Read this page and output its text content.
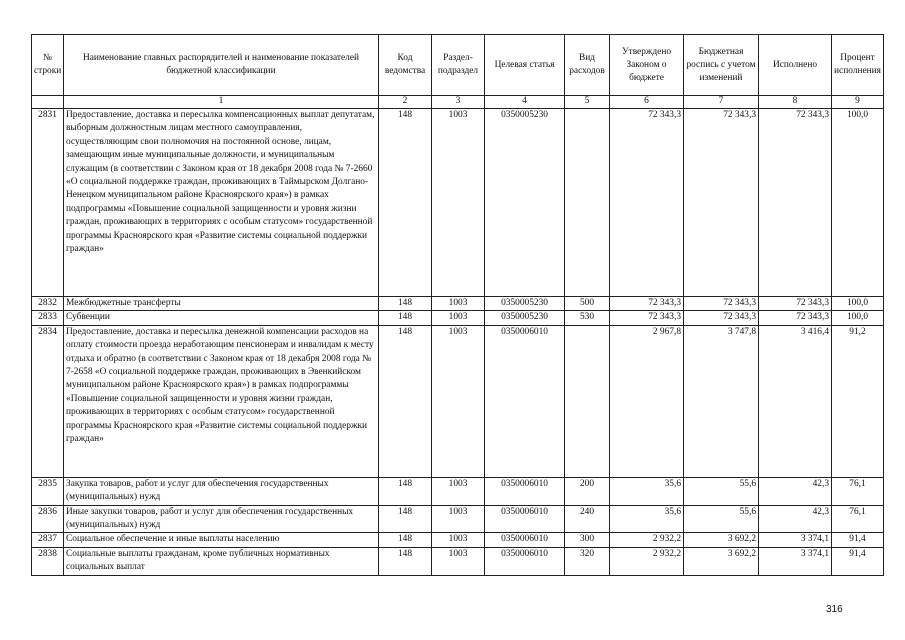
№ строки	Наименование главных распорядителей и наименование показателей бюджетной классификации	Код ведомства	Раздел-подраздел	Целевая статья	Вид расходов	Утверждено Законом о бюджете	Бюджетная роспись с учетом изменений	Исполнено	Процент исполнения
	1	2	3	4	5	6	7	8	9
2831	Предоставление, доставка и пересылка компенсационных выплат депутатам, выборным должностным лицам местного самоуправления, осуществляющим свои полномочия на постоянной основе, лицам, замещающим иные муниципальные должности, и муниципальным служащим (в соответствии с Законом края от 18 декабря 2008 года № 7-2660 «О социальной поддержке граждан, проживающих в Таймырском Долгано-Ненецком муниципальном районе Красноярского края») в рамках подпрограммы «Повышение социальной защищенности и уровня жизни граждан, проживающих в территориях с особым статусом» государственной программы Красноярского края «Развитие системы социальной поддержки граждан»	148	1003	0350005230		72 343,3	72 343,3	72 343,3	100,0
2832	Межбюджетные трансферты	148	1003	0350005230	500	72 343,3	72 343,3	72 343,3	100,0
2833	Субвенции	148	1003	0350005230	530	72 343,3	72 343,3	72 343,3	100,0
2834	Предоставление, доставка и пересылка денежной компенсации расходов на оплату стоимости проезда неработающим пенсионерам и инвалидам к месту отдыха и обратно (в соответствии с Законом края от 18 декабря 2008 года № 7-2658 «О социальной поддержке граждан, проживающих в Эвенкийском муниципальном районе Красноярского края») в рамках подпрограммы «Повышение социальной защищенности и уровня жизни граждан, проживающих в территориях с особым статусом» государственной программы Красноярского края «Развитие системы социальной поддержки граждан»	148	1003	0350006010		2 967,8	3 747,8	3 416,4	91,2
2835	Закупка товаров, работ и услуг для обеспечения государственных (муниципальных) нужд	148	1003	0350006010	200	35,6	55,6	42,3	76,1
2836	Иные закупки товаров, работ и услуг для обеспечения государственных (муниципальных) нужд	148	1003	0350006010	240	35,6	55,6	42,3	76,1
2837	Социальное обеспечение и иные выплаты населению	148	1003	0350006010	300	2 932,2	3 692,2	3 374,1	91,4
2838	Социальные выплаты гражданам, кроме публичных нормативных социальных выплат	148	1003	0350006010	320	2 932,2	3 692,2	3 374,1	91,4
316
